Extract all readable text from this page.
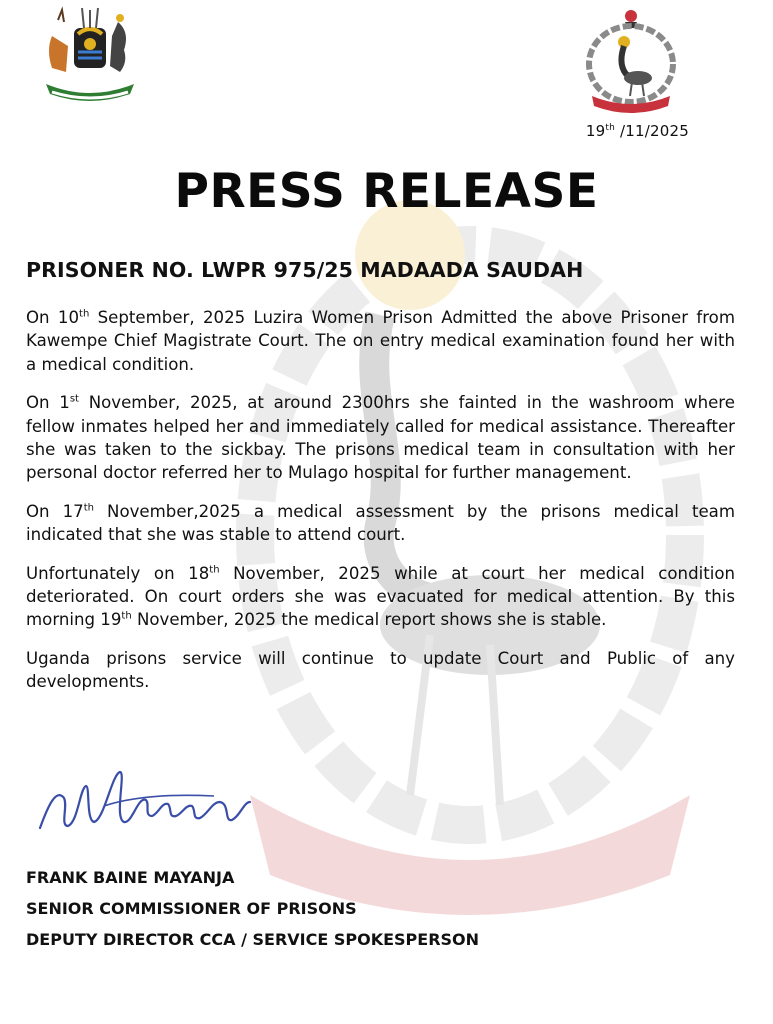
19th /11/2025
PRESS RELEASE
PRISONER NO. LWPR 975/25 MADAADA SAUDAH

On 10th September, 2025 Luzira Women Prison Admitted the above Prisoner from Kawempe Chief Magistrate Court. The on entry medical examination found her with a medical condition.

On 1st November, 2025, at around 2300hrs she fainted in the washroom where fellow inmates helped her and immediately called for medical assistance. Thereafter she was taken to the sickbay. The prisons medical team in consultation with her personal doctor referred her to Mulago hospital for further management.

On 17th November,2025 a medical assessment by the prisons medical team indicated that she was stable to attend court.

Unfortunately on 18th November, 2025 while at court her medical condition deteriorated. On court orders she was evacuated for medical attention. By this morning 19th November, 2025 the medical report shows she is stable.

Uganda prisons service will continue to update Court and Public of any developments.

FRANK BAINE MAYANJA
SENIOR COMMISSIONER OF PRISONS
DEPUTY DIRECTOR CCA / SERVICE SPOKESPERSON
